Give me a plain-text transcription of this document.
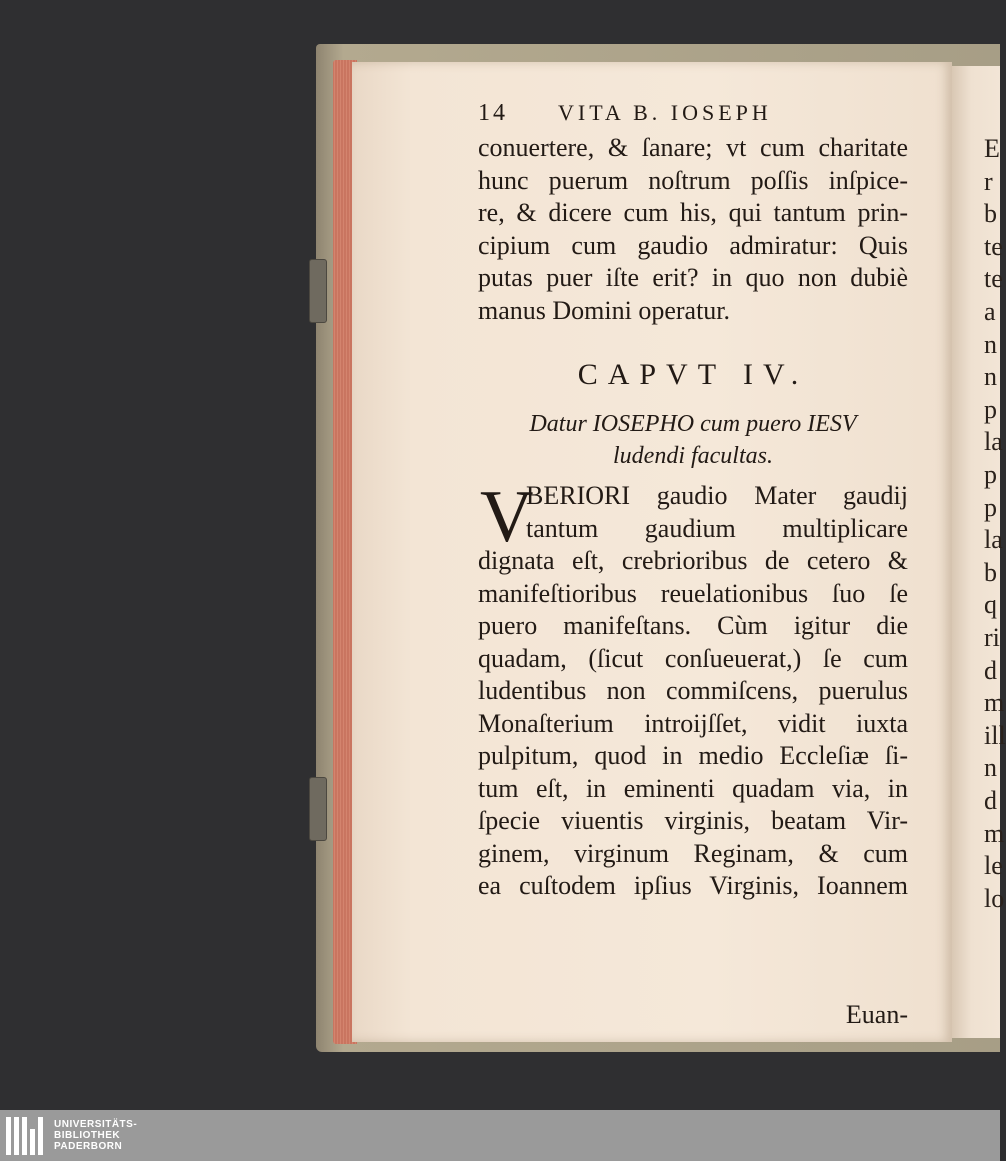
E
r
b
te
te
a
n
n
p
la
p
p
la
b
q
ri
d
m
ill
n
d
m
le
lo
14	VITA B. IOSEPH
conuertere, & ſanare; vt cum charitate
hunc puerum noſtrum poſſis inſpice-
re, & dicere cum his, qui tantum prin-
cipium cum gaudio admiratur: Quis
putas puer iſte erit? in quo non dubiè
manus Domini operatur.
CAPVT IV.
Datur IOSEPHO cum puero IESV
ludendi facultas.
V
BERIORI gaudio Mater gaudij
tantum gaudium multiplicare
dignata eſt, crebrioribus de cetero &
manifeſtioribus reuelationibus ſuo ſe
puero manifeſtans. Cùm igitur die
quadam, (ſicut conſueuerat,) ſe cum
ludentibus non commiſcens, puerulus
Monaſterium introijſſet, vidit iuxta
pulpitum, quod in medio Eccleſiæ ſi-
tum eſt, in eminenti quadam via, in
ſpecie viuentis virginis, beatam Vir-
ginem, virginum Reginam, & cum
ea cuſtodem ipſius Virginis, Ioannem
Euan-
UNIVERSITÄTS-
BIBLIOTHEK
PADERBORN
